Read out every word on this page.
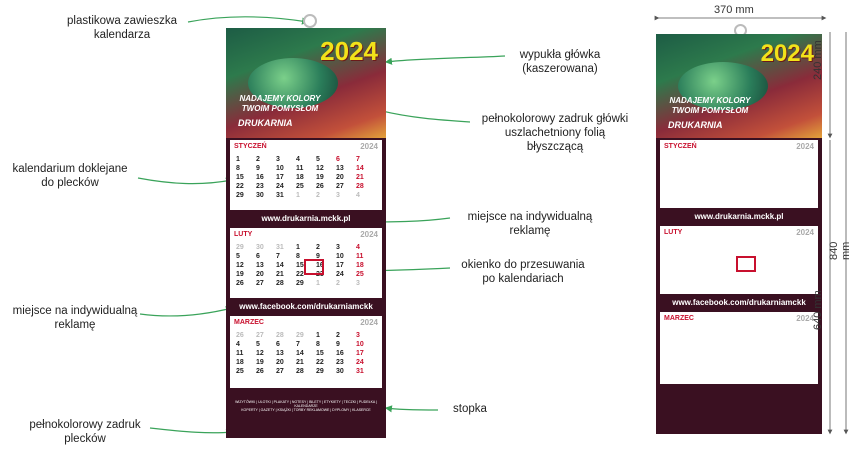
2024
NADAJEMY KOLORY
TWOIM POMYSŁOM
DRUKARNIA
STYCZEŃ	2024
1	2	3	4	5	6	7
8	9	10	11	12	13	14
15	16	17	18	19	20	21
22	23	24	25	26	27	28
29	30	31	1	2	3	4
www.drukarnia.mckk.pl
LUTY	2024
29	30	31	1	2	3	4
5	6	7	8	9	10	11
12	13	14	15	16	17	18
19	20	21	22	23	24	25
26	27	28	29	1	2	3
www.facebook.com/drukarniamckk
MARZEC	2024
26	27	28	29	1	2	3
4	5	6	7	8	9	10
11	12	13	14	15	16	17
18	19	20	21	22	23	24
25	26	27	28	29	30	31
WIZYTÓWKI | ULOTKI | PLAKATY | NOTESY | BILETY | ETYKIETY | TECZKI | PUDEŁKA | KALENDARZE
KOPERTY | GAZETY | KSIĄŻKI | TORBY REKLAMOWE | DYPLOMY | KLASERCE
2024
NADAJEMY KOLORY
TWOIM POMYSŁOM
DRUKARNIA
STYCZEŃ	2024
www.drukarnia.mckk.pl
LUTY	2024
www.facebook.com/drukarniamckk
MARZEC	2024
plastikowa zawieszka
kalendarza
wypukła główka
(kaszerowana)
pełnokolorowy zadruk główki
uszlachetniony folią
błyszczącą
kalendarium doklejane
do plecków
miejsce na indywidualną
reklamę
okienko do przesuwania
po kalendariach
miejsce na indywidualną
reklamę
stopka
pełnokolorowy zadruk
plecków
370 mm
240 mm
840 mm
640 mm
